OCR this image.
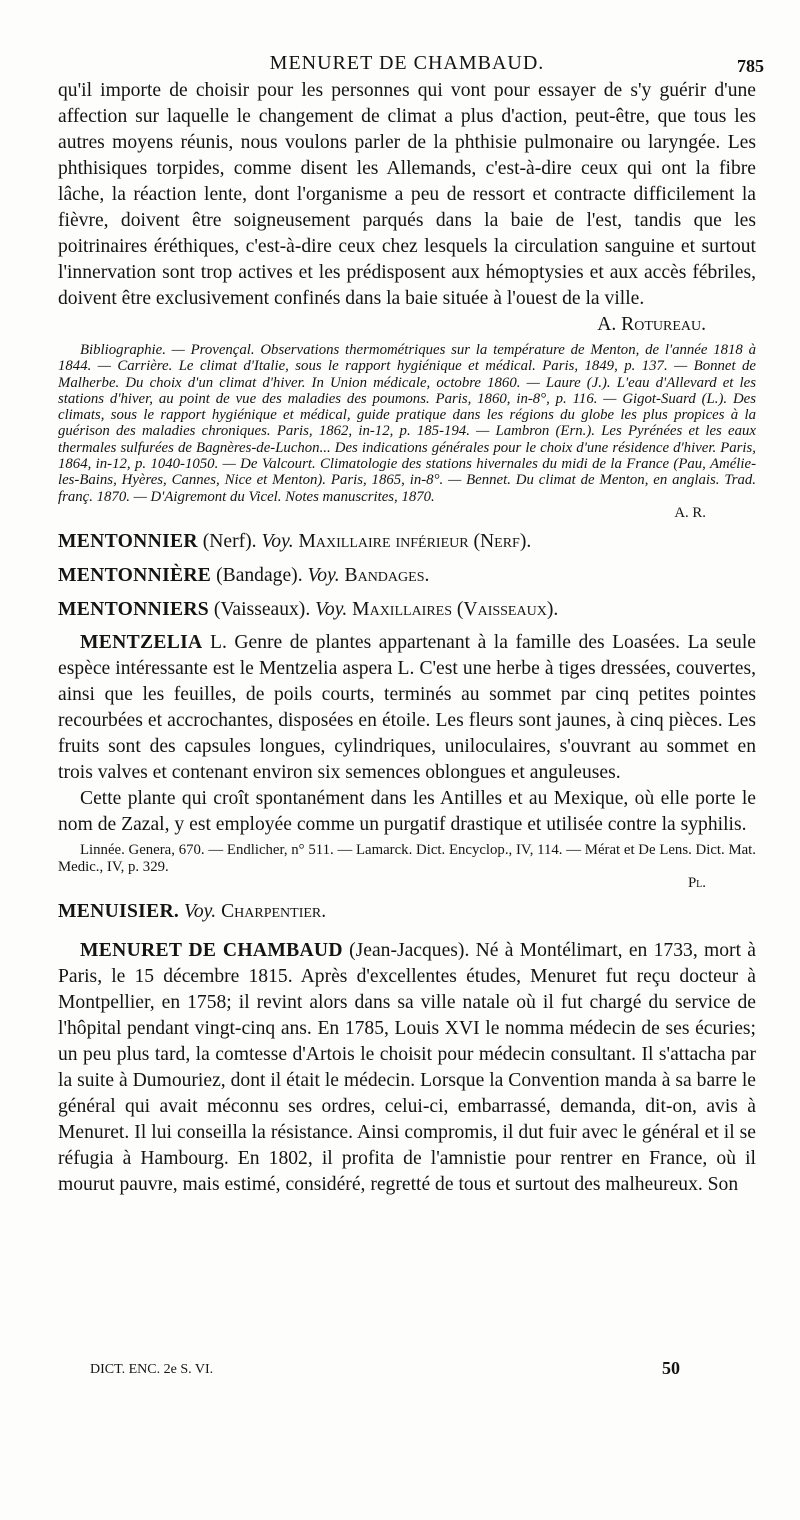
MENURET DE CHAMBAUD.	785

qu'il importe de choisir pour les personnes qui vont pour essayer de s'y guérir d'une affection sur laquelle le changement de climat a plus d'action, peut-être, que tous les autres moyens réunis, nous voulons parler de la phthisie pulmonaire ou laryngée. Les phthisiques torpides, comme disent les Allemands, c'est-à-dire ceux qui ont la fibre lâche, la réaction lente, dont l'organisme a peu de ressort et contracte difficilement la fièvre, doivent être soigneusement parqués dans la baie de l'est, tandis que les poitrinaires éréthiques, c'est-à-dire ceux chez lesquels la circulation sanguine et surtout l'innervation sont trop actives et les prédisposent aux hémoptysies et aux accès fébriles, doivent être exclusivement confinés dans la baie située à l'ouest de la ville.

A. Rotureau.

Bibliographie. — Provençal. Observations thermométriques sur la température de Menton, de l'année 1818 à 1844. — Carrière. Le climat d'Italie, sous le rapport hygiénique et médical. Paris, 1849, p. 137. — Bonnet de Malherbe. Du choix d'un climat d'hiver. In Union médicale, octobre 1860. — Laure (J.). L'eau d'Allevard et les stations d'hiver, au point de vue des maladies des poumons. Paris, 1860, in-8°, p. 116. — Gigot-Suard (L.). Des climats, sous le rapport hygiénique et médical, guide pratique dans les régions du globe les plus propices à la guérison des maladies chroniques. Paris, 1862, in-12, p. 185-194. — Lambron (Ern.). Les Pyrénées et les eaux thermales sulfurées de Bagnères-de-Luchon... Des indications générales pour le choix d'une résidence d'hiver. Paris, 1864, in-12, p. 1040-1050. — De Valcourt. Climatologie des stations hivernales du midi de la France (Pau, Amélie-les-Bains, Hyères, Cannes, Nice et Menton). Paris, 1865, in-8°. — Bennet. Du climat de Menton, en anglais. Trad. franç. 1870. — D'Aigremont du Vicel. Notes manuscrites, 1870.

A. R.
MENTONNIER (Nerf). Voy. Maxillaire inférieur (Nerf).
MENTONNIÈRE (Bandage). Voy. Bandages.
MENTONNIERS (Vaisseaux). Voy. Maxillaires (Vaisseaux).

MENTZELIA L. Genre de plantes appartenant à la famille des Loasées. La seule espèce intéressante est le Mentzelia aspera L. C'est une herbe à tiges dressées, couvertes, ainsi que les feuilles, de poils courts, terminés au sommet par cinq petites pointes recourbées et accrochantes, disposées en étoile. Les fleurs sont jaunes, à cinq pièces. Les fruits sont des capsules longues, cylindriques, uniloculaires, s'ouvrant au sommet en trois valves et contenant environ six semences oblongues et anguleuses.

Cette plante qui croît spontanément dans les Antilles et au Mexique, où elle porte le nom de Zazal, y est employée comme un purgatif drastique et utilisée contre la syphilis.

Linnée. Genera, 670. — Endlicher, n° 511. — Lamarck. Dict. Encyclop., IV, 114. — Mérat et De Lens. Dict. Mat. Medic., IV, p. 329.

Pl.
MENUISIER. Voy. Charpentier.

MENURET DE CHAMBAUD (Jean-Jacques). Né à Montélimart, en 1733, mort à Paris, le 15 décembre 1815. Après d'excellentes études, Menuret fut reçu docteur à Montpellier, en 1758; il revint alors dans sa ville natale où il fut chargé du service de l'hôpital pendant vingt-cinq ans. En 1785, Louis XVI le nomma médecin de ses écuries; un peu plus tard, la comtesse d'Artois le choisit pour médecin consultant. Il s'attacha par la suite à Dumouriez, dont il était le médecin. Lorsque la Convention manda à sa barre le général qui avait méconnu ses ordres, celui-ci, embarrassé, demanda, dit-on, avis à Menuret. Il lui conseilla la résistance. Ainsi compromis, il dut fuir avec le général et il se réfugia à Hambourg. En 1802, il profita de l'amnistie pour rentrer en France, où il mourut pauvre, mais estimé, considéré, regretté de tous et surtout des malheureux. Son

DICT. ENC. 2e S. VI.	50
